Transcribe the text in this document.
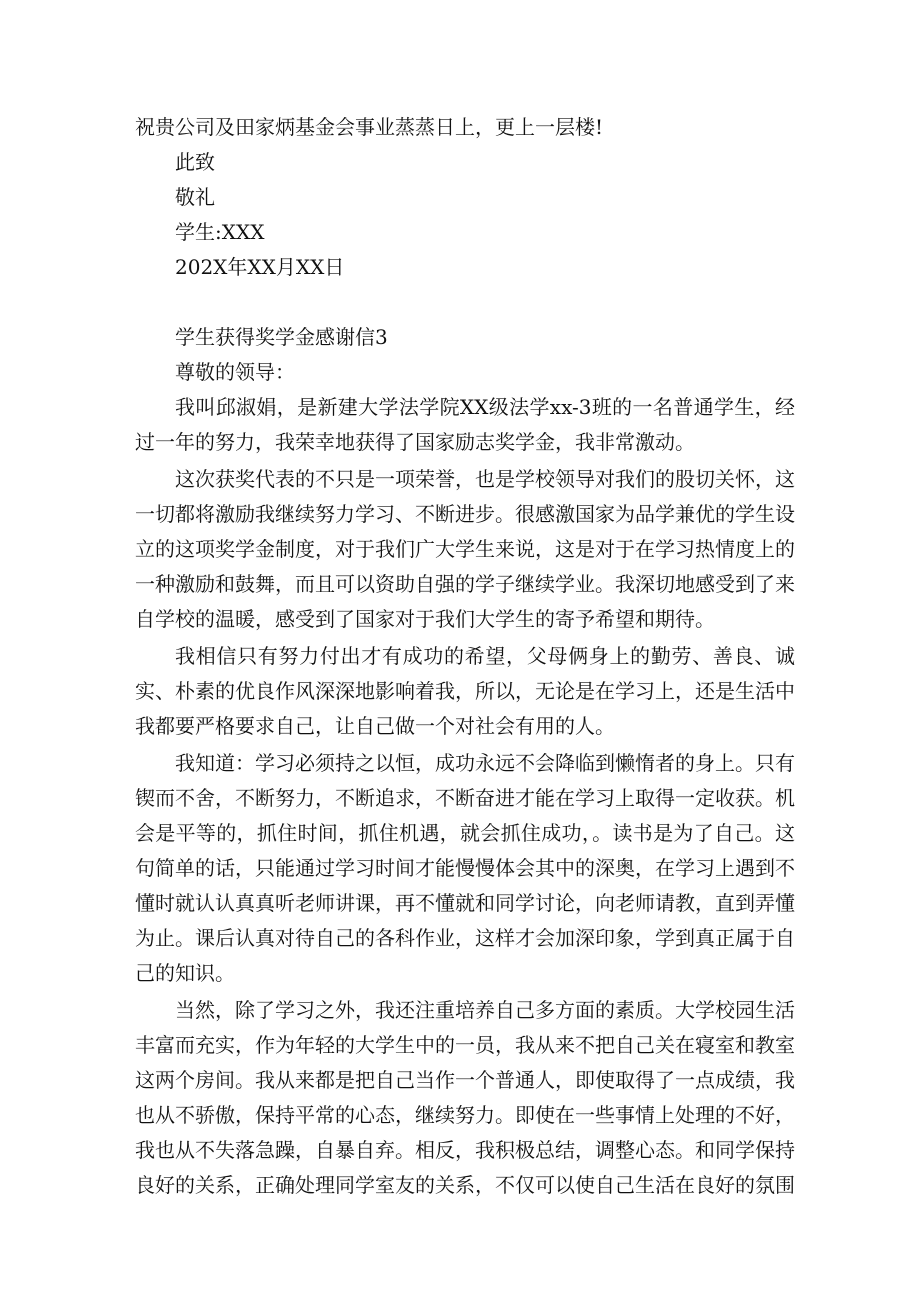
祝贵公司及田家炳基金会事业蒸蒸日上，更上一层楼!

此致

敬礼

学生:XXX

202X年XX月XX日

学生获得奖学金感谢信3

尊敬的领导：

我叫邱淑娟，是新建大学法学院XX级法学xx-3班的一名普通学生，经过一年的努力，我荣幸地获得了国家励志奖学金，我非常激动。

这次获奖代表的不只是一项荣誉，也是学校领导对我们的股切关怀，这一切都将激励我继续努力学习、不断进步。很感激国家为品学兼优的学生设立的这项奖学金制度，对于我们广大学生来说，这是对于在学习热情度上的一种激励和鼓舞，而且可以资助自强的学子继续学业。我深切地感受到了来自学校的温暖，感受到了国家对于我们大学生的寄予希望和期待。

我相信只有努力付出才有成功的希望，父母俩身上的勤劳、善良、诚实、朴素的优良作风深深地影响着我，所以，无论是在学习上，还是生活中我都要严格要求自己，让自己做一个对社会有用的人。

我知道：学习必须持之以恒，成功永远不会降临到懒惰者的身上。只有锲而不舍，不断努力，不断追求，不断奋进才能在学习上取得一定收获。机会是平等的，抓住时间，抓住机遇，就会抓住成功，。读书是为了自己。这句简单的话，只能通过学习时间才能慢慢体会其中的深奥，在学习上遇到不懂时就认认真真听老师讲课，再不懂就和同学讨论，向老师请教，直到弄懂为止。课后认真对待自己的各科作业，这样才会加深印象，学到真正属于自己的知识。

当然，除了学习之外，我还注重培养自己多方面的素质。大学校园生活丰富而充实，作为年轻的大学生中的一员，我从来不把自己关在寝室和教室这两个房间。我从来都是把自己当作一个普通人，即使取得了一点成绩，我也从不骄傲，保持平常的心态，继续努力。即使在一些事情上处理的不好，我也从不失落急躁，自暴自弃。相反，我积极总结，调整心态。和同学保持良好的关系，正确处理同学室友的关系，不仅可以使自己生活在良好的氛围
